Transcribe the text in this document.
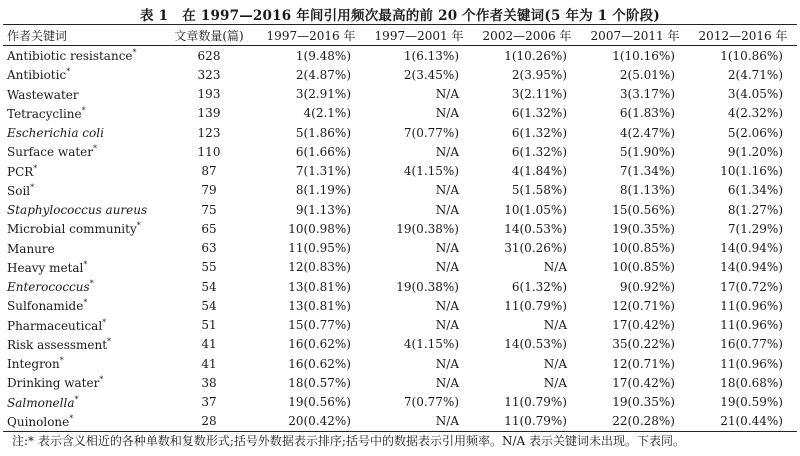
表 1 在 1997—2016 年间引用频次最高的前 20 个作者关键词(5 年为 1 个阶段)
作者关键词	文章数量(篇)	1997—2016 年	1997—2001 年	2002—2006 年	2007—2011 年	2012—2016 年
Antibiotic resistance*	628	1(9.48%)	1(6.13%)	1(10.26%)	1(10.16%)	1(10.86%)
Antibiotic*	323	2(4.87%)	2(3.45%)	2(3.95%)	2(5.01%)	2(4.71%)
Wastewater	193	3(2.91%)	N/A	3(2.11%)	3(3.17%)	3(4.05%)
Tetracycline*	139	4(2.1%)	N/A	6(1.32%)	6(1.83%)	4(2.32%)
Escherichia coli	123	5(1.86%)	7(0.77%)	6(1.32%)	4(2.47%)	5(2.06%)
Surface water*	110	6(1.66%)	N/A	6(1.32%)	5(1.90%)	9(1.20%)
PCR*	87	7(1.31%)	4(1.15%)	4(1.84%)	7(1.34%)	10(1.16%)
Soil*	79	8(1.19%)	N/A	5(1.58%)	8(1.13%)	6(1.34%)
Staphylococcus aureus	75	9(1.13%)	N/A	10(1.05%)	15(0.56%)	8(1.27%)
Microbial community*	65	10(0.98%)	19(0.38%)	14(0.53%)	19(0.35%)	7(1.29%)
Manure	63	11(0.95%)	N/A	31(0.26%)	10(0.85%)	14(0.94%)
Heavy metal*	55	12(0.83%)	N/A	N/A	10(0.85%)	14(0.94%)
Enterococcus*	54	13(0.81%)	19(0.38%)	6(1.32%)	9(0.92%)	17(0.72%)
Sulfonamide*	54	13(0.81%)	N/A	11(0.79%)	12(0.71%)	11(0.96%)
Pharmaceutical*	51	15(0.77%)	N/A	N/A	17(0.42%)	11(0.96%)
Risk assessment*	41	16(0.62%)	4(1.15%)	14(0.53%)	35(0.22%)	16(0.77%)
Integron*	41	16(0.62%)	N/A	N/A	12(0.71%)	11(0.96%)
Drinking water*	38	18(0.57%)	N/A	N/A	17(0.42%)	18(0.68%)
Salmonella*	37	19(0.56%)	7(0.77%)	11(0.79%)	19(0.35%)	19(0.59%)
Quinolone*	28	20(0.42%)	N/A	11(0.79%)	22(0.28%)	21(0.44%)
注:* 表示含义相近的各种单数和复数形式;括号外数据表示排序;括号中的数据表示引用频率。N/A 表示关键词未出现。下表同。
